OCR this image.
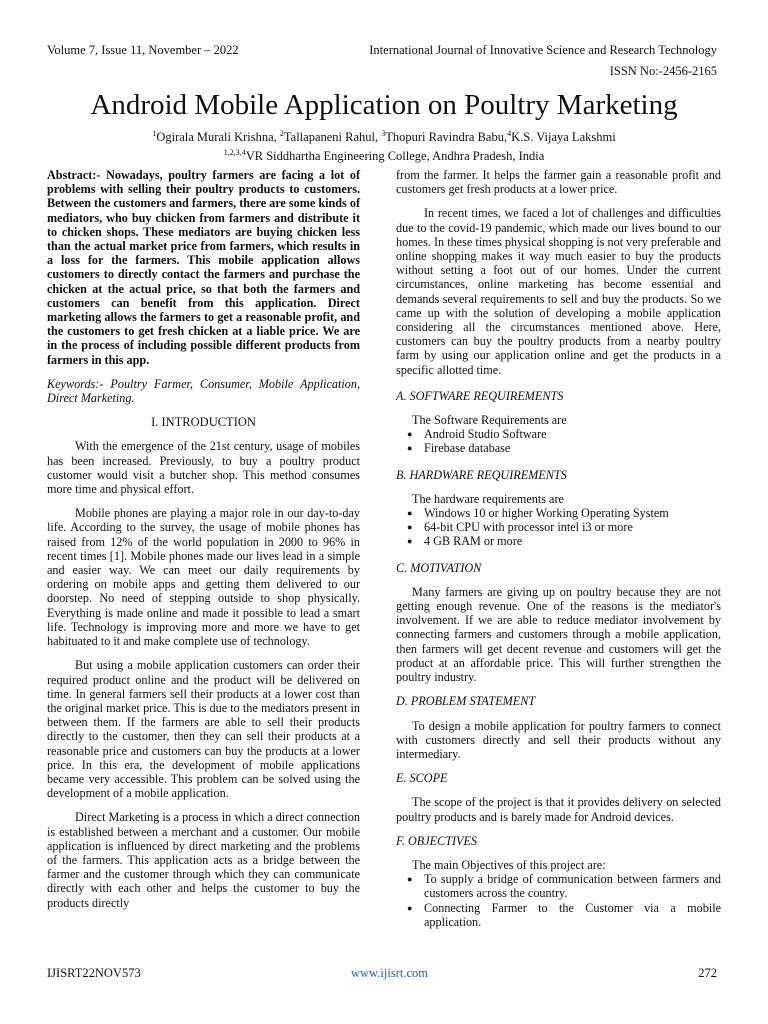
Volume 7, Issue 11, November – 2022	International Journal of Innovative Science and Research Technology
ISSN No:-2456-2165
Android Mobile Application on Poultry Marketing
$^1$Ogirala Murali Krishna, $^2$Tallapaneni Rahul, $^3$Thopuri Ravindra Babu,$^4$K.S. Vijaya Lakshmi
$^{1,2,3,4}$VR Siddhartha Engineering College, Andhra Pradesh, India

Abstract:- Nowadays, poultry farmers are facing a lot of problems with selling their poultry products to customers. Between the customers and farmers, there are some kinds of mediators, who buy chicken from farmers and distribute it to chicken shops. These mediators are buying chicken less than the actual market price from farmers, which results in a loss for the farmers. This mobile application allows customers to directly contact the farmers and purchase the chicken at the actual price, so that both the farmers and customers can benefit from this application. Direct marketing allows the farmers to get a reasonable profit, and the customers to get fresh chicken at a liable price. We are in the process of including possible different products from farmers in this app.

Keywords:- Poultry Farmer, Consumer, Mobile Application, Direct Marketing.

I. INTRODUCTION

With the emergence of the 21st century, usage of mobiles has been increased. Previously, to buy a poultry product customer would visit a butcher shop. This method consumes more time and physical effort.

Mobile phones are playing a major role in our day-to-day life. According to the survey, the usage of mobile phones has raised from 12% of the world population in 2000 to 96% in recent times [1]. Mobile phones made our lives lead in a simple and easier way. We can meet our daily requirements by ordering on mobile apps and getting them delivered to our doorstep. No need of stepping outside to shop physically. Everything is made online and made it possible to lead a smart life. Technology is improving more and more we have to get habituated to it and make complete use of technology.

But using a mobile application customers can order their required product online and the product will be delivered on time. In general farmers sell their products at a lower cost than the original market price. This is due to the mediators present in between them. If the farmers are able to sell their products directly to the customer, then they can sell their products at a reasonable price and customers can buy the products at a lower price. In this era, the development of mobile applications became very accessible. This problem can be solved using the development of a mobile application.

Direct Marketing is a process in which a direct connection is established between a merchant and a customer. Our mobile application is influenced by direct marketing and the problems of the farmers. This application acts as a bridge between the farmer and the customer through which they can communicate directly with each other and helps the customer to buy the products directly

from the farmer. It helps the farmer gain a reasonable profit and customers get fresh products at a lower price.

In recent times, we faced a lot of challenges and difficulties due to the covid-19 pandemic, which made our lives bound to our homes. In these times physical shopping is not very preferable and online shopping makes it way much easier to buy the products without setting a foot out of our homes. Under the current circumstances, online marketing has become essential and demands several requirements to sell and buy the products. So we came up with the solution of developing a mobile application considering all the circumstances mentioned above. Here, customers can buy the poultry products from a nearby poultry farm by using our application online and get the products in a specific allotted time.

A. SOFTWARE REQUIREMENTS

The Software Requirements are
● Android Studio Software
● Firebase database

B. HARDWARE REQUIREMENTS

The hardware requirements are
● Windows 10 or higher Working Operating System
● 64-bit CPU with processor intel i3 or more
● 4 GB RAM or more

C. MOTIVATION

Many farmers are giving up on poultry because they are not getting enough revenue. One of the reasons is the mediator's involvement. If we are able to reduce mediator involvement by connecting farmers and customers through a mobile application, then farmers will get decent revenue and customers will get the product at an affordable price. This will further strengthen the poultry industry.

D. PROBLEM STATEMENT

To design a mobile application for poultry farmers to connect with customers directly and sell their products without any intermediary.

E. SCOPE

The scope of the project is that it provides delivery on selected poultry products and is barely made for Android devices.

F. OBJECTIVES

The main Objectives of this project are:
● To supply a bridge of communication between farmers and customers across the country.
● Connecting Farmer to the Customer via a mobile application.
IJISRT22NOV573	www.ijisrt.com	272
